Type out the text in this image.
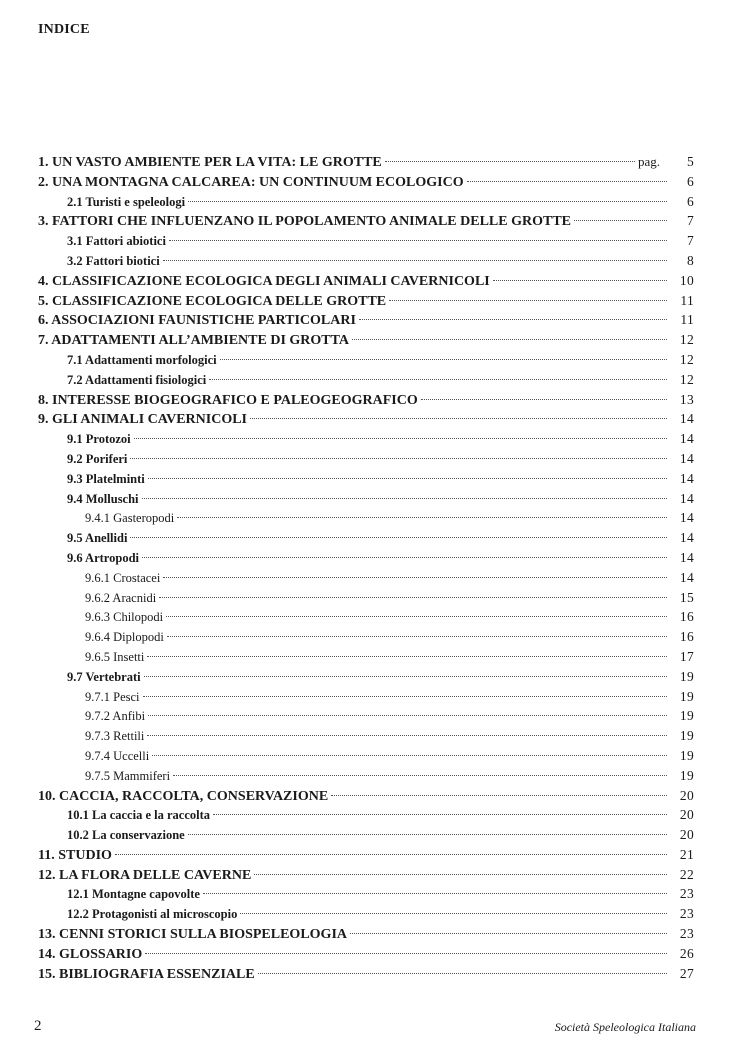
INDICE
1. UN VASTO AMBIENTE PER LA VITA: LE GROTTE	pag.	5
2. UNA MONTAGNA CALCAREA: UN CONTINUUM ECOLOGICO	6
2.1 Turisti e speleologi	6
3. FATTORI CHE INFLUENZANO IL POPOLAMENTO ANIMALE DELLE GROTTE	7
3.1 Fattori abiotici	7
3.2 Fattori biotici	8
4. CLASSIFICAZIONE ECOLOGICA DEGLI ANIMALI CAVERNICOLI	10
5. CLASSIFICAZIONE ECOLOGICA DELLE GROTTE	11
6. ASSOCIAZIONI FAUNISTICHE PARTICOLARI	11
7. ADATTAMENTI ALL’AMBIENTE DI GROTTA	12
7.1 Adattamenti morfologici	12
7.2 Adattamenti fisiologici	12
8. INTERESSE BIOGEOGRAFICO E PALEOGEOGRAFICO	13
9. GLI ANIMALI CAVERNICOLI	14
9.1 Protozoi	14
9.2 Poriferi	14
9.3 Platelminti	14
9.4 Molluschi	14
9.4.1 Gasteropodi	14
9.5 Anellidi	14
9.6 Artropodi	14
9.6.1 Crostacei	14
9.6.2 Aracnidi	15
9.6.3 Chilopodi	16
9.6.4 Diplopodi	16
9.6.5 Insetti	17
9.7 Vertebrati	19
9.7.1 Pesci	19
9.7.2 Anfibi	19
9.7.3 Rettili	19
9.7.4 Uccelli	19
9.7.5 Mammiferi	19
10. CACCIA, RACCOLTA, CONSERVAZIONE	20
10.1 La caccia e la raccolta	20
10.2 La conservazione	20
11. STUDIO	21
12. LA FLORA DELLE CAVERNE	22
12.1 Montagne capovolte	23
12.2 Protagonisti al microscopio	23
13. CENNI STORICI SULLA BIOSPELEOLOGIA	23
14. GLOSSARIO	26
15. BIBLIOGRAFIA ESSENZIALE	27
2	Società Speleologica Italiana
